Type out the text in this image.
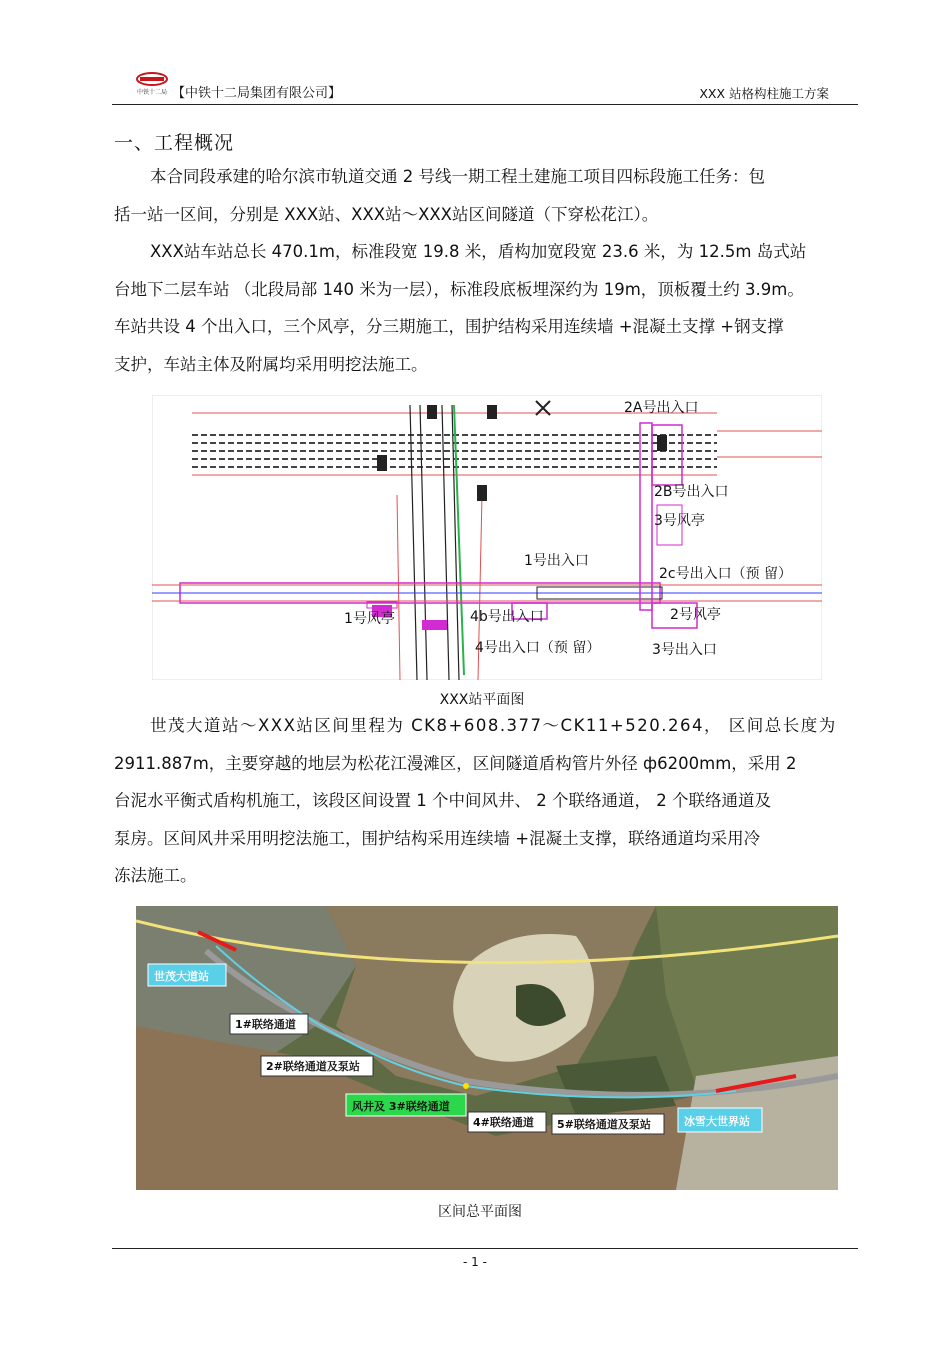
中铁十二局 【中铁十二局集团有限公司】	XXX 站格构柱施工方案
一、工程概况

本合同段承建的哈尔滨市轨道交通 2 号线一期工程土建施工项目四标段施工任务：包

括一站一区间，分别是 XXX站、XXX站～XXX站区间隧道（下穿松花江）。

XXX站车站总长 470.1m，标准段宽 19.8 米，盾构加宽段宽 23.6 米，为 12.5m 岛式站

台地下二层车站 （北段局部 140 米为一层），标准段底板埋深约为 19m，顶板覆土约 3.9m。

车站共设 4 个出入口，三个风亭，分三期施工，围护结构采用连续墙 +混凝土支撑 +钢支撑

支护，车站主体及附属均采用明挖法施工。

2A号出入口
2B号出入口
3号风亭
1号出入口
2c号出入口（预 留）
1号风亭	4b号出入口	2号风亭
4号出入口（预 留）	3号出入口
XXX站平面图

世茂大道站～XXX站区间里程为 CK8+608.377～CK11+520.264， 区间总长度为

2911.887m，主要穿越的地层为松花江漫滩区，区间隧道盾构管片外径 ф6200mm，采用 2

台泥水平衡式盾构机施工，该段区间设置 1 个中间风井、 2 个联络通道， 2 个联络通道及

泵房。区间风井采用明挖法施工，围护结构采用连续墙 +混凝土支撑，联络通道均采用冷

冻法施工。

世茂大道站
1#联络通道
2#联络通道及泵站
风井及 3#联络通道
4#联络通道 5#联络通道及泵站	冰雪大世界站
区间总平面图
- 1 -
